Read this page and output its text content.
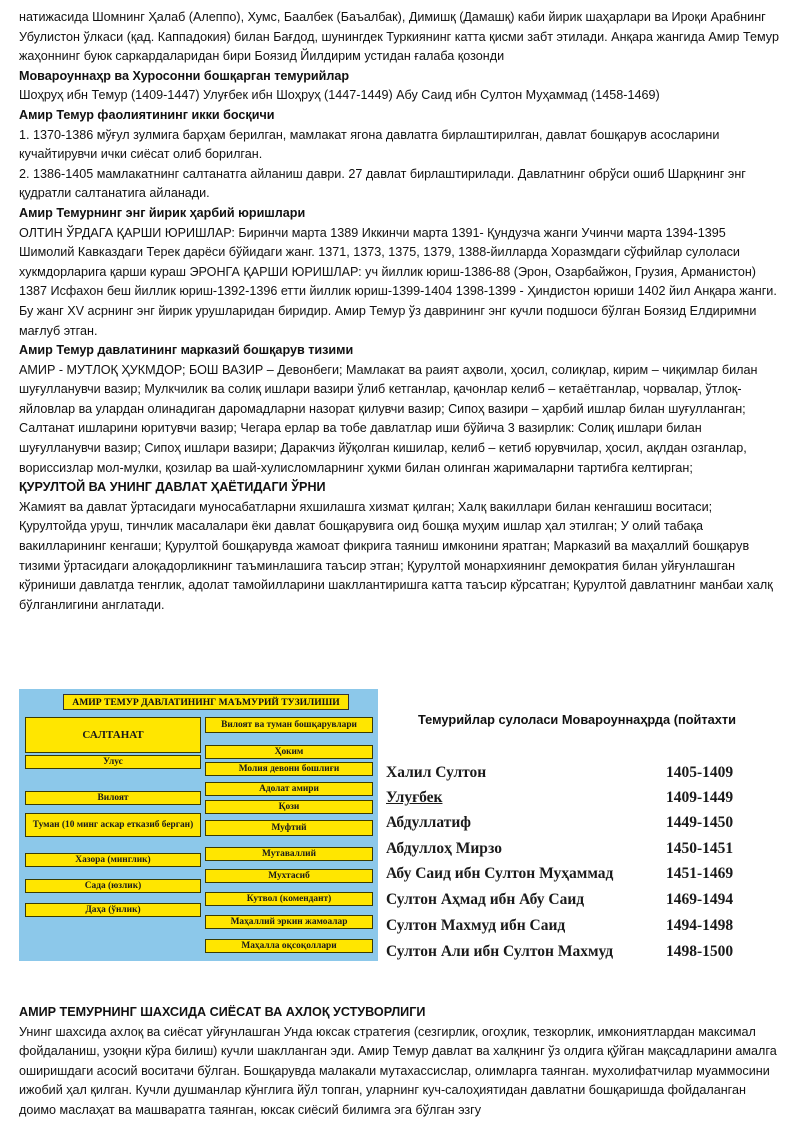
натижасида Шомнинг Ҳалаб (Алеппо), Хумс, Баалбек (Баъалбак), Димишқ (Дамашқ) каби йирик шаҳарлари ва Ироқи Арабнинг Убулистон ўлкаси (қад. Каппадокия) билан Бағдод, шунингдек Туркиянинг катта қисми забт этилади. Анқара жангида Амир Темур жаҳоннинг буюк саркардаларидан бири Боязид Йилдирим устидан ғалаба қозонди

Мовароуннаҳр ва Хуросонни бошқарган темурийлар

Шоҳруҳ ибн Темур (1409-1447) Улуғбек ибн Шоҳруҳ (1447-1449) Абу Саид ибн Султон Муҳаммад (1458-1469)

Амир Темур фаолиятининг икки босқичи

1. 1370-1386 мўғул зулмига барҳам берилган, мамлакат ягона давлатга бирлаштирилган, давлат бошқарув асосларини кучайтирувчи ички сиёсат олиб борилган.

2. 1386-1405 мамлакатнинг салтанатга айланиш даври. 27 давлат бирлаштирилади. Давлатнинг обрўси ошиб Шарқнинг энг қудратли салтанатига айланади.

Амир Темурнинг энг йирик ҳарбий юришлари

ОЛТИН ЎРДАГА ҚАРШИ ЮРИШЛАР: Биринчи марта 1389 Иккинчи марта 1391- Қундузча жанги Учинчи марта 1394-1395 Шимолий Кавказдаги Терек дарёси бўйидаги жанг. 1371, 1373, 1375, 1379, 1388-йилларда Хоразмдаги сўфийлар сулоласи хукмдорларига қарши кураш ЭРОНГА ҚАРШИ ЮРИШЛАР: уч йиллик юриш-1386-88 (Эрон, Озарбайжон, Грузия, Арманистон) 1387 Исфахон беш йиллик юриш-1392-1396 етти йиллик юриш-1399-1404 1398-1399 - Ҳиндистон юриши 1402 йил Анқара жанги. Бу жанг XV асрнинг энг йирик урушларидан биридир. Амир Темур ўз даврининг энг кучли подшоси бўлган Боязид Елдиримни мағлуб этган.

Амир Темур давлатининг марказий бошқарув тизими

АМИР - МУТЛОҚ ҲУКМДОР; БОШ ВАЗИР – Девонбеги; Мамлакат ва раият аҳволи, ҳосил, солиқлар, кирим – чиқимлар билан шуғулланувчи вазир; Мулкчилик ва солиқ ишлари вазири ўлиб кетганлар, қачонлар келиб – кетаётганлар, чорвалар, ўтлоқ-яйловлар ва улардан олинадиган даромадларни назорат қилувчи вазир; Сипоҳ вазири – ҳарбий ишлар билан шуғулланган;

Салтанат ишларини юритувчи вазир; Чегара ерлар ва тобе давлатлар иши бўйича 3 вазирлик: Солиқ ишлари билан шуғулланувчи вазир; Сипоҳ ишлари вазири; Даракчиз йўқолган кишилар, келиб – кетиб юрувчилар, ҳосил, ақлдан озганлар, ворисcизлар мол-мулки, қозилар ва шай-хулисломларнинг ҳукми билан олинган жарималарни тартибга келтирган;

ҚУРУЛТОЙ ВА УНИНГ ДАВЛАТ ҲАЁТИДАГИ ЎРНИ

Жамият ва давлат ўртасидаги муносабатларни яхшилашга хизмат қилган; Халқ вакиллари билан кенгашиш воситаси; Қурултойда уруш, тинчлик масалалари ёки давлат бошқарувига оид бошқа муҳим ишлар ҳал этилган; У олий табақа вакилларининг кенгаши; Қурултой бошқарувда жамоат фикрига таяниш имконини яратган; Марказий ва маҳаллий бошқарув тизими ўртасидаги алоқадорликнинг таъминлашига таъсир этган; Қурултой монархиянинг демократия билан уйғунлашган кўриниши давлатда тенглик, адолат тамойилларини шакллантиришга катта таъсир кўрсатган; Қурултой давлатнинг манбаи халқ бўлганлигини англатади.

АМИР ТЕМУР ДАВЛАТИНИНГ МАЪМУРИЙ ТУЗИЛИШИ
САЛТАНАТ
Улус
Вилоят
Туман (10 минг аскар етказиб берган)
Хазора (минглик)
Сада (юзлик)
Даҳа (ўнлик)
Вилоят ва туман бошқарувлари
Ҳоким
Молия девони бошлиғи
Адолат амири
Қози
Муфтий
Мутаваллий
Мухтасиб
Кутвол (комендант)
Маҳаллий эркин жамоалар
Маҳалла оқсоқоллари
Темурийлар сулоласи Мовароуннаҳрда (пойтахти
Халил Султон	1405-1409
Улуғбек	1409-1449
Абдуллатиф	1449-1450
Абдуллоҳ Мирзо	1450-1451
Абу Саид ибн Султон Муҳаммад	1451-1469
Султон Аҳмад ибн Абу Саид	1469-1494
Султон Махмуд ибн Саид	1494-1498
Султон Али ибн Султон Махмуд	1498-1500

АМИР ТЕМУРНИНГ ШАХСИДА СИЁСАТ ВА АХЛОҚ УСТУВОРЛИГИ

Унинг шахсида ахлоқ ва сиёсат уйғунлашган Унда юксак стратегия (сезгирлик, огоҳлик, тезкорлик, имкониятлардан максимал фойдаланиш, узоқни кўра билиш) кучли шаклланган эди. Амир Темур давлат ва халқнинг ўз олдига қўйган мақсадларини амалга оширишдаги асосий воситачи бўлган. Бошқарувда малакали мутахассислар, олимларга таянган. мухолифатчилар муаммосини ижобий ҳал қилган. Кучли душманлар кўнглига йўл топган, уларнинг куч-салоҳиятидан давлатни бошқаришда фойдаланган доимо маслаҳат ва машваратга таянган, юксак сиёсий билимга эга бўлган эзгу
